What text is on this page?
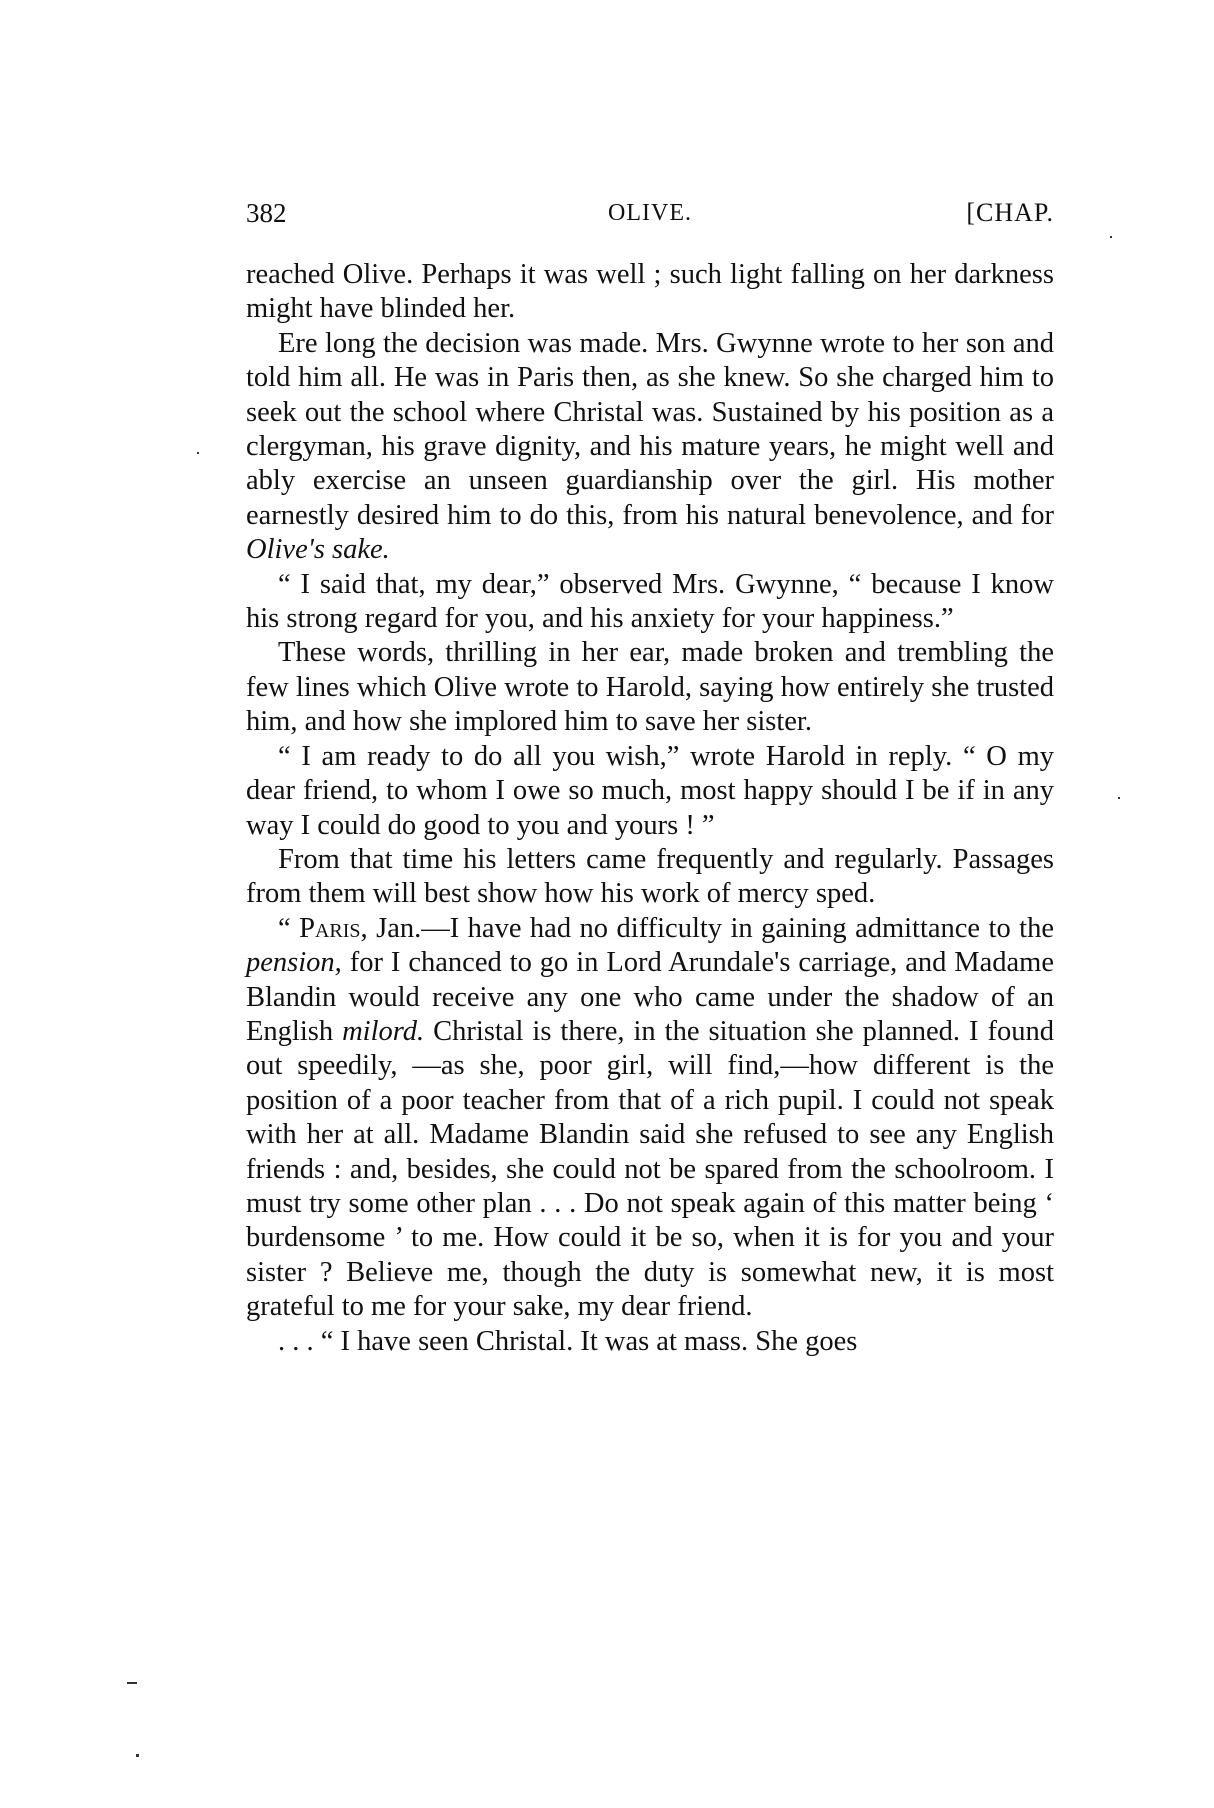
382	OLIVE.	[CHAP.

reached Olive. Perhaps it was well ; such light falling on her darkness might have blinded her.

Ere long the decision was made. Mrs. Gwynne wrote to her son and told him all. He was in Paris then, as she knew. So she charged him to seek out the school where Christal was. Sustained by his position as a clergyman, his grave dignity, and his mature years, he might well and ably exercise an unseen guardianship over the girl. His mother earnestly desired him to do this, from his natural benevolence, and for Olive's sake.

“ I said that, my dear,” observed Mrs. Gwynne, “ because I know his strong regard for you, and his anxiety for your happiness.”

These words, thrilling in her ear, made broken and trembling the few lines which Olive wrote to Harold, saying how entirely she trusted him, and how she implored him to save her sister.

“ I am ready to do all you wish,” wrote Harold in reply. “ O my dear friend, to whom I owe so much, most happy should I be if in any way I could do good to you and yours ! ”

From that time his letters came frequently and regularly. Passages from them will best show how his work of mercy sped.

“ Paris, Jan.—I have had no difficulty in gaining admittance to the pension, for I chanced to go in Lord Arundale's carriage, and Madame Blandin would receive any one who came under the shadow of an English milord. Christal is there, in the situation she planned. I found out speedily, —as she, poor girl, will find,—how different is the position of a poor teacher from that of a rich pupil. I could not speak with her at all. Madame Blandin said she refused to see any English friends : and, besides, she could not be spared from the schoolroom. I must try some other plan . . . Do not speak again of this matter being ‘ burdensome ’ to me. How could it be so, when it is for you and your sister ? Believe me, though the duty is somewhat new, it is most grateful to me for your sake, my dear friend.

. . . “ I have seen Christal. It was at mass. She goes
